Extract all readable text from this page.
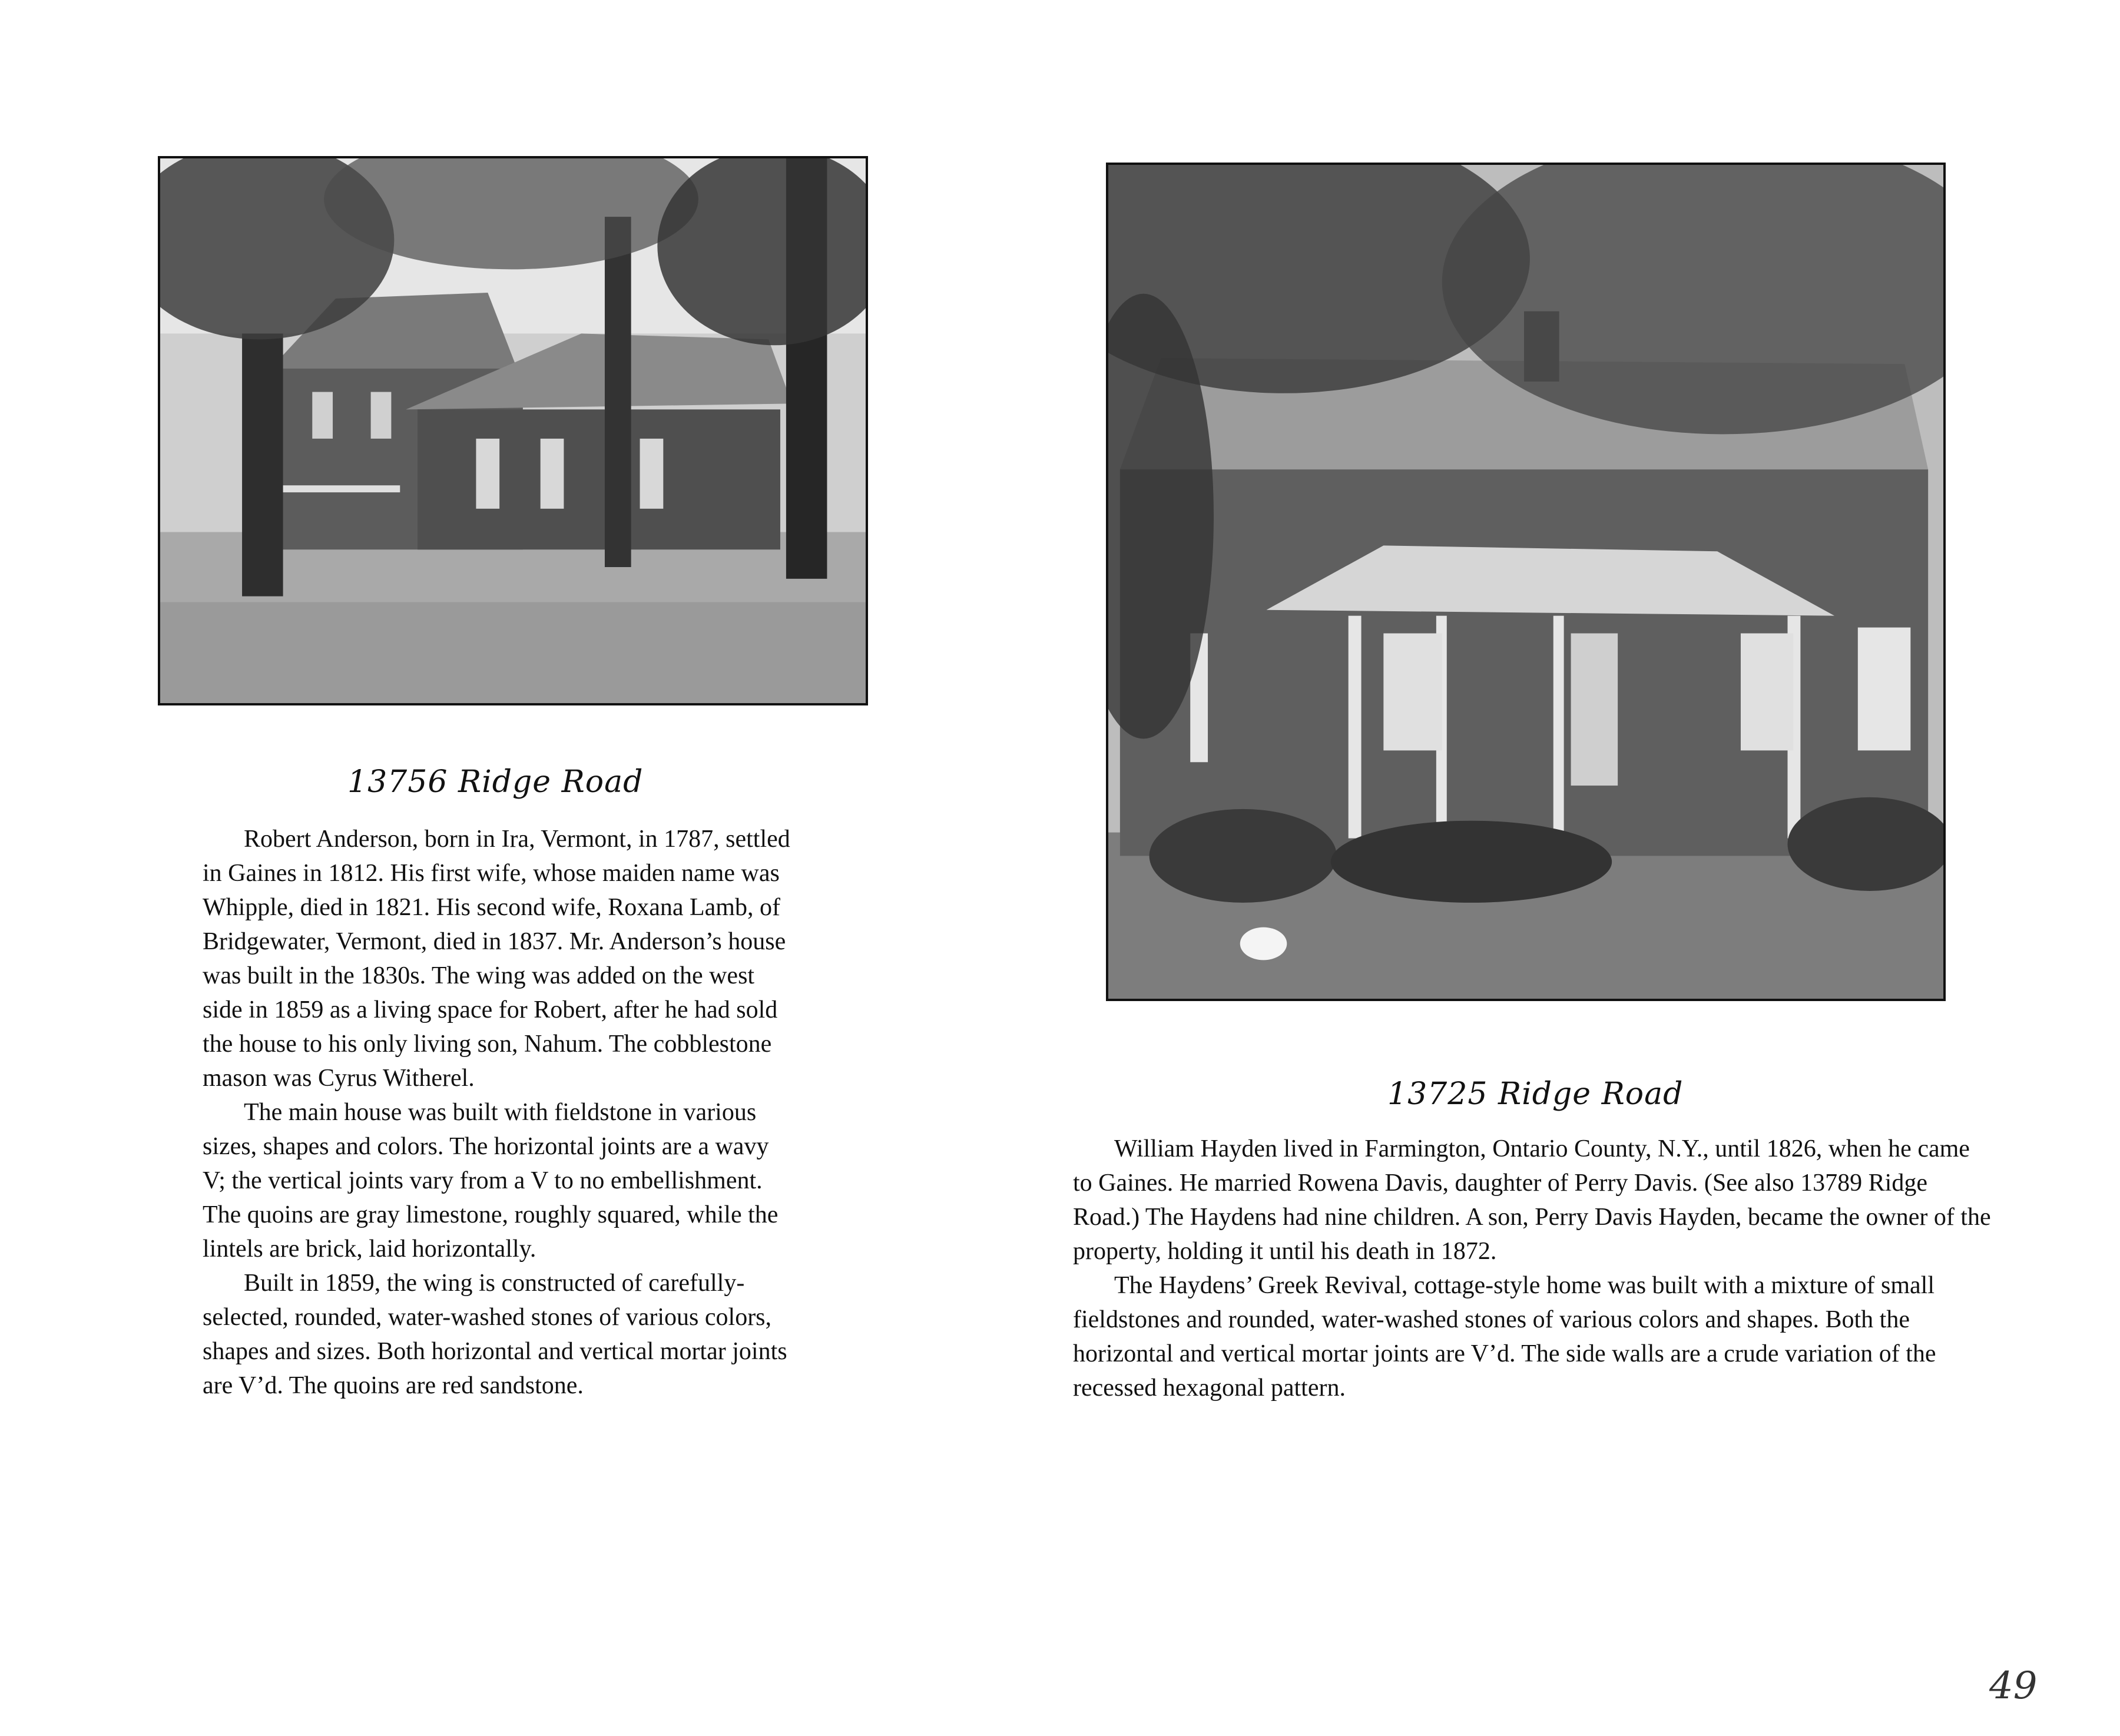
13756 Ridge Road

Robert Anderson, born in Ira, Vermont, in 1787, settled in Gaines in 1812. His first wife, whose maiden name was Whipple, died in 1821. His second wife, Roxana Lamb, of Bridgewater, Vermont, died in 1837. Mr. Anderson’s house was built in the 1830s. The wing was added on the west side in 1859 as a living space for Robert, after he had sold the house to his only living son, Nahum. The cobblestone mason was Cyrus Witherel.

The main house was built with fieldstone in various sizes, shapes and colors. The horizontal joints are a wavy V; the vertical joints vary from a V to no embellishment. The quoins are gray limestone, roughly squared, while the lintels are brick, laid horizontally.

Built in 1859, the wing is constructed of carefully-selected, rounded, water-washed stones of various colors, shapes and sizes. Both horizontal and vertical mortar joints are V’d. The quoins are red sandstone.

13725 Ridge Road

William Hayden lived in Farmington, Ontario County, N.Y., until 1826, when he came to Gaines. He married Rowena Davis, daughter of Perry Davis. (See also 13789 Ridge Road.) The Haydens had nine children. A son, Perry Davis Hayden, became the owner of the property, holding it until his death in 1872.

The Haydens’ Greek Revival, cottage-style home was built with a mixture of small fieldstones and rounded, water-washed stones of various colors and shapes. Both the horizontal and vertical mortar joints are V’d. The side walls are a crude variation of the recessed hexagonal pattern.

49
